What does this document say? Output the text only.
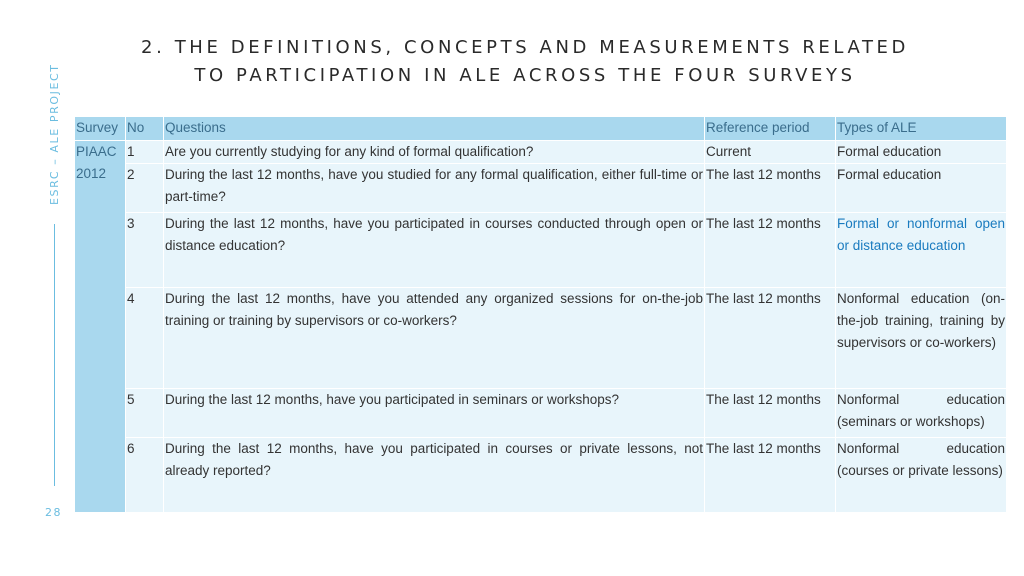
2. THE DEFINITIONS, CONCEPTS AND MEASUREMENTS RELATED
TO PARTICIPATION IN ALE ACROSS THE FOUR SURVEYS
ESRC – ALE PROJECT
28
Survey	No	Questions	Reference period	Types of ALE

PIAAC
2012	1	Are you currently studying for any kind of formal qualification?	Current	Formal education
	2	During the last 12 months, have you studied for any formal qualification, either full-time or part-time?	The last 12 months	Formal education
	3	During the last 12 months, have you participated in courses conducted through open or distance education?	The last 12 months	Formal or nonformal open or distance education
	4	During the last 12 months, have you attended any organized sessions for on-the-job training or training by supervisors or co-workers?	The last 12 months	Nonformal education (on-the-job training, training by supervisors or co-workers)
	5	During the last 12 months, have you participated in seminars or workshops?	The last 12 months	Nonformal education (seminars or workshops)
	6	During the last 12 months, have you participated in courses or private lessons, not already reported?	The last 12 months	Nonformal education (courses or private lessons)
